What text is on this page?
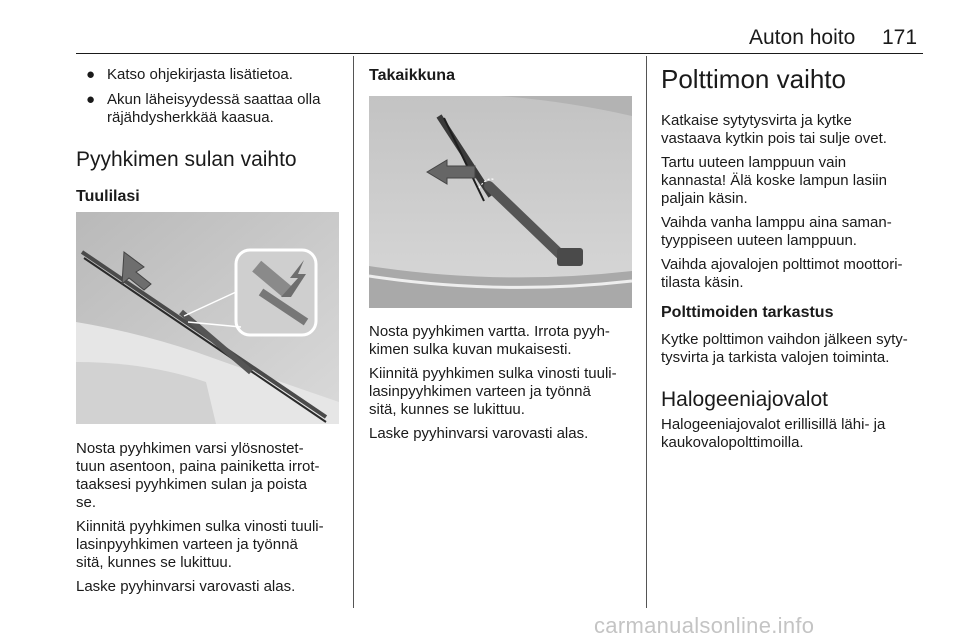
Auton hoito 171
● Katso ohjekirjasta lisätietoa.

● Akun läheisyydessä saattaa olla

räjähdysherkkää kaasua.

Pyyhkimen sulan vaihto
Tuulilasi

Nosta pyyhkimen varsi ylösnostet-

tuun asentoon, paina painiketta irrot-

taaksesi pyyhkimen sulan ja poista

se.

Kiinnitä pyyhkimen sulka vinosti tuuli-

lasinpyyhkimen varteen ja työnnä

sitä, kunnes se lukittuu.

Laske pyyhinvarsi varovasti alas.

Takaikkuna

Nosta pyyhkimen vartta. Irrota pyyh-

kimen sulka kuvan mukaisesti.

Kiinnitä pyyhkimen sulka vinosti tuuli-

lasinpyyhkimen varteen ja työnnä

sitä, kunnes se lukittuu.

Laske pyyhinvarsi varovasti alas.

Polttimon vaihto

Katkaise sytytysvirta ja kytke

vastaava kytkin pois tai sulje ovet.

Tartu uuteen lamppuun vain

kannasta! Älä koske lampun lasiin

paljain käsin.

Vaihda vanha lamppu aina saman-

tyyppiseen uuteen lamppuun.

Vaihda ajovalojen polttimot moottori-

tilasta käsin.

Polttimoiden tarkastus

Kytke polttimon vaihdon jälkeen syty-

tysvirta ja tarkista valojen toiminta.

Halogeeniajovalot

Halogeeniajovalot erillisillä lähi- ja

kaukovalopolttimoilla.

carmanualsonline.info
